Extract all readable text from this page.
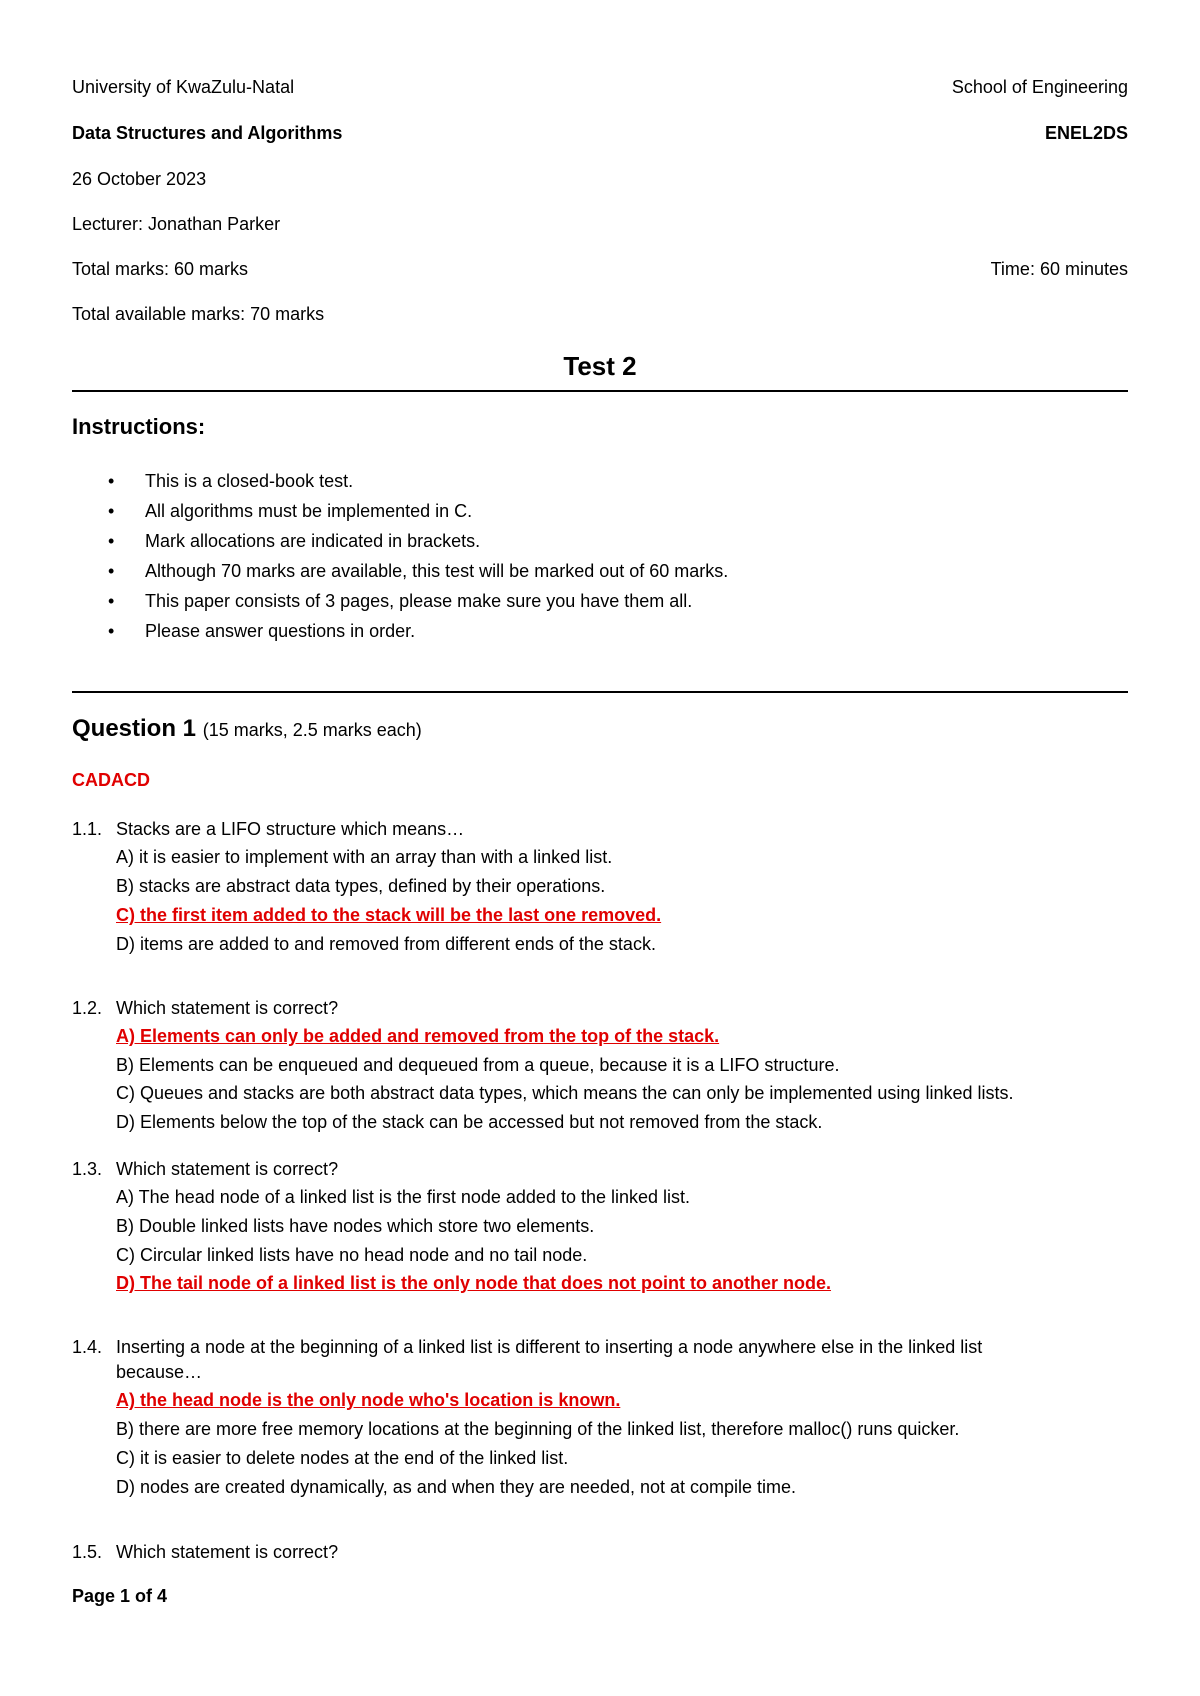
University of KwaZulu-Natal	School of Engineering
Data Structures and Algorithms	ENEL2DS
26 October 2023
Lecturer: Jonathan Parker
Total marks: 60 marks	Time: 60 minutes
Total available marks: 70 marks
Test 2
Instructions:
• This is a closed-book test.
• All algorithms must be implemented in C.
• Mark allocations are indicated in brackets.
• Although 70 marks are available, this test will be marked out of 60 marks.
• This paper consists of 3 pages, please make sure you have them all.
• Please answer questions in order.
Question 1 (15 marks, 2.5 marks each)
CADACD
1.1. Stacks are a LIFO structure which means…
A) it is easier to implement with an array than with a linked list.
B) stacks are abstract data types, defined by their operations.
C) the first item added to the stack will be the last one removed.
D) items are added to and removed from different ends of the stack.
1.2. Which statement is correct?
A) Elements can only be added and removed from the top of the stack.
B) Elements can be enqueued and dequeued from a queue, because it is a LIFO structure.
C) Queues and stacks are both abstract data types, which means the can only be implemented using linked lists.
D) Elements below the top of the stack can be accessed but not removed from the stack.
1.3. Which statement is correct?
A) The head node of a linked list is the first node added to the linked list.
B) Double linked lists have nodes which store two elements.
C) Circular linked lists have no head node and no tail node.
D) The tail node of a linked list is the only node that does not point to another node.
1.4. Inserting a node at the beginning of a linked list is different to inserting a node anywhere else in the linked list
because…
A) the head node is the only node who's location is known.
B) there are more free memory locations at the beginning of the linked list, therefore malloc() runs quicker.
C) it is easier to delete nodes at the end of the linked list.
D) nodes are created dynamically, as and when they are needed, not at compile time.
1.5. Which statement is correct?
Page 1 of 4
